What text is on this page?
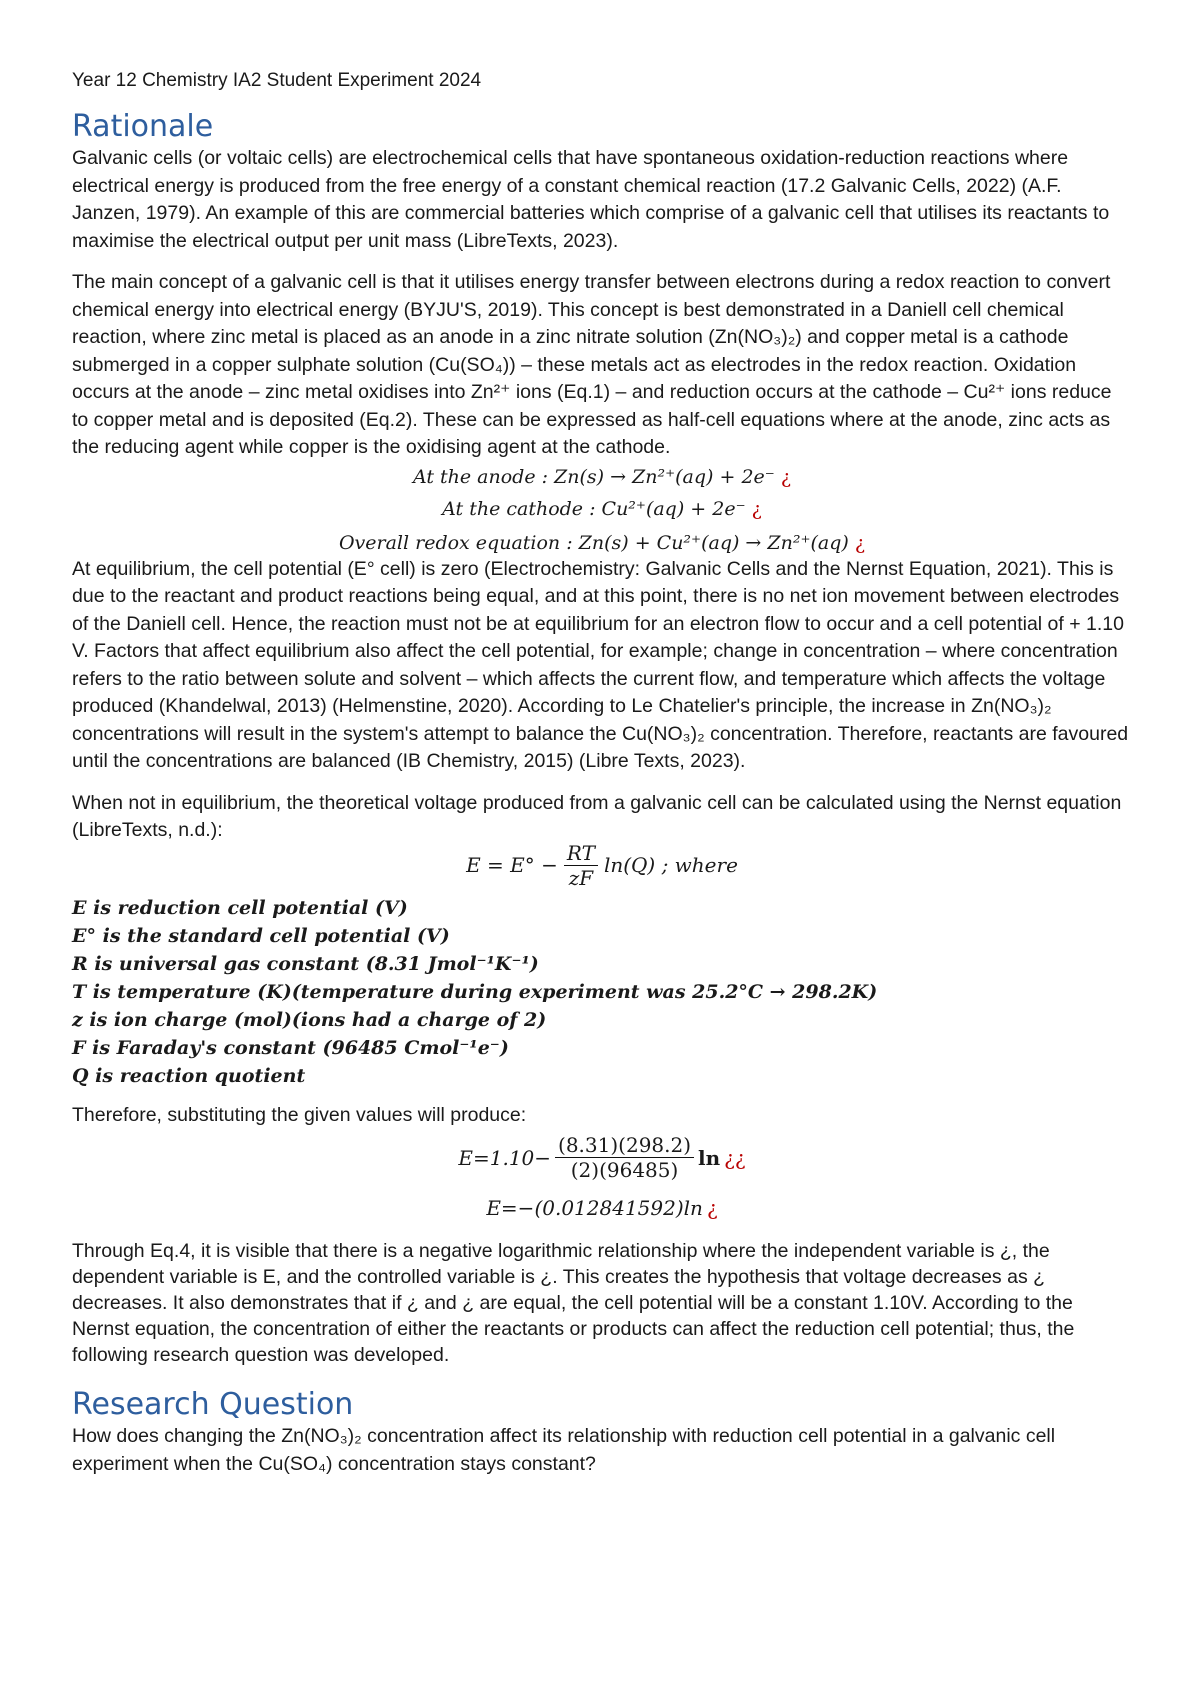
Year 12 Chemistry IA2 Student Experiment 2024
Rationale

Galvanic cells (or voltaic cells) are electrochemical cells that have spontaneous oxidation-reduction reactions where electrical energy is produced from the free energy of a constant chemical reaction (17.2 Galvanic Cells, 2022) (A.F. Janzen, 1979). An example of this are commercial batteries which comprise of a galvanic cell that utilises its reactants to maximise the electrical output per unit mass (LibreTexts, 2023).

The main concept of a galvanic cell is that it utilises energy transfer between electrons during a redox reaction to convert chemical energy into electrical energy (BYJU'S, 2019). This concept is best demonstrated in a Daniell cell chemical reaction, where zinc metal is placed as an anode in a zinc nitrate solution (Zn(NO₃)₂) and copper metal is a cathode submerged in a copper sulphate solution (Cu(SO₄)) – these metals act as electrodes in the redox reaction. Oxidation occurs at the anode – zinc metal oxidises into Zn²⁺ ions (Eq.1) – and reduction occurs at the cathode – Cu²⁺ ions reduce to copper metal and is deposited (Eq.2). These can be expressed as half-cell equations where at the anode, zinc acts as the reducing agent while copper is the oxidising agent at the cathode.

At the anode : Zn(s) → Zn²⁺(aq) + 2e⁻ ¿
At the cathode : Cu²⁺(aq) + 2e⁻ ¿
Overall redox equation : Zn(s) + Cu²⁺(aq) → Zn²⁺(aq) ¿

At equilibrium, the cell potential (E° cell) is zero (Electrochemistry: Galvanic Cells and the Nernst Equation, 2021). This is due to the reactant and product reactions being equal, and at this point, there is no net ion movement between electrodes of the Daniell cell. Hence, the reaction must not be at equilibrium for an electron flow to occur and a cell potential of + 1.10 V. Factors that affect equilibrium also affect the cell potential, for example; change in concentration – where concentration refers to the ratio between solute and solvent – which affects the current flow, and temperature which affects the voltage produced (Khandelwal, 2013) (Helmenstine, 2020). According to Le Chatelier's principle, the increase in Zn(NO₃)₂ concentrations will result in the system's attempt to balance the Cu(NO₃)₂ concentration. Therefore, reactants are favoured until the concentrations are balanced (IB Chemistry, 2015) (Libre Texts, 2023).

When not in equilibrium, the theoretical voltage produced from a galvanic cell can be calculated using the Nernst equation (LibreTexts, n.d.):

$E = E^\circ - \frac{RT}{zF} \ln(Q)$ ; where
E is reduction cell potential (V)
E° is the standard cell potential (V)
R is universal gas constant (8.31 Jmol⁻¹K⁻¹)
T is temperature (K)(temperature during experiment was 25.2°C → 298.2K)
z is ion charge (mol)(ions had a charge of 2)
F is Faraday's constant (96485 Cmol⁻¹e⁻)
Q is reaction quotient

Therefore, substituting the given values will produce:

$E=1.10- \frac{(8.31)(298.2)}{(2)(96485)}$ ln ¿¿
E=−(0.012841592)ln ¿

Through Eq.4, it is visible that there is a negative logarithmic relationship where the independent variable is ¿, the dependent variable is E, and the controlled variable is ¿. This creates the hypothesis that voltage decreases as ¿ decreases. It also demonstrates that if ¿ and ¿ are equal, the cell potential will be a constant 1.10V. According to the Nernst equation, the concentration of either the reactants or products can affect the reduction cell potential; thus, the following research question was developed.

Research Question

How does changing the Zn(NO₃)₂ concentration affect its relationship with reduction cell potential in a galvanic cell experiment when the Cu(SO₄) concentration stays constant?
